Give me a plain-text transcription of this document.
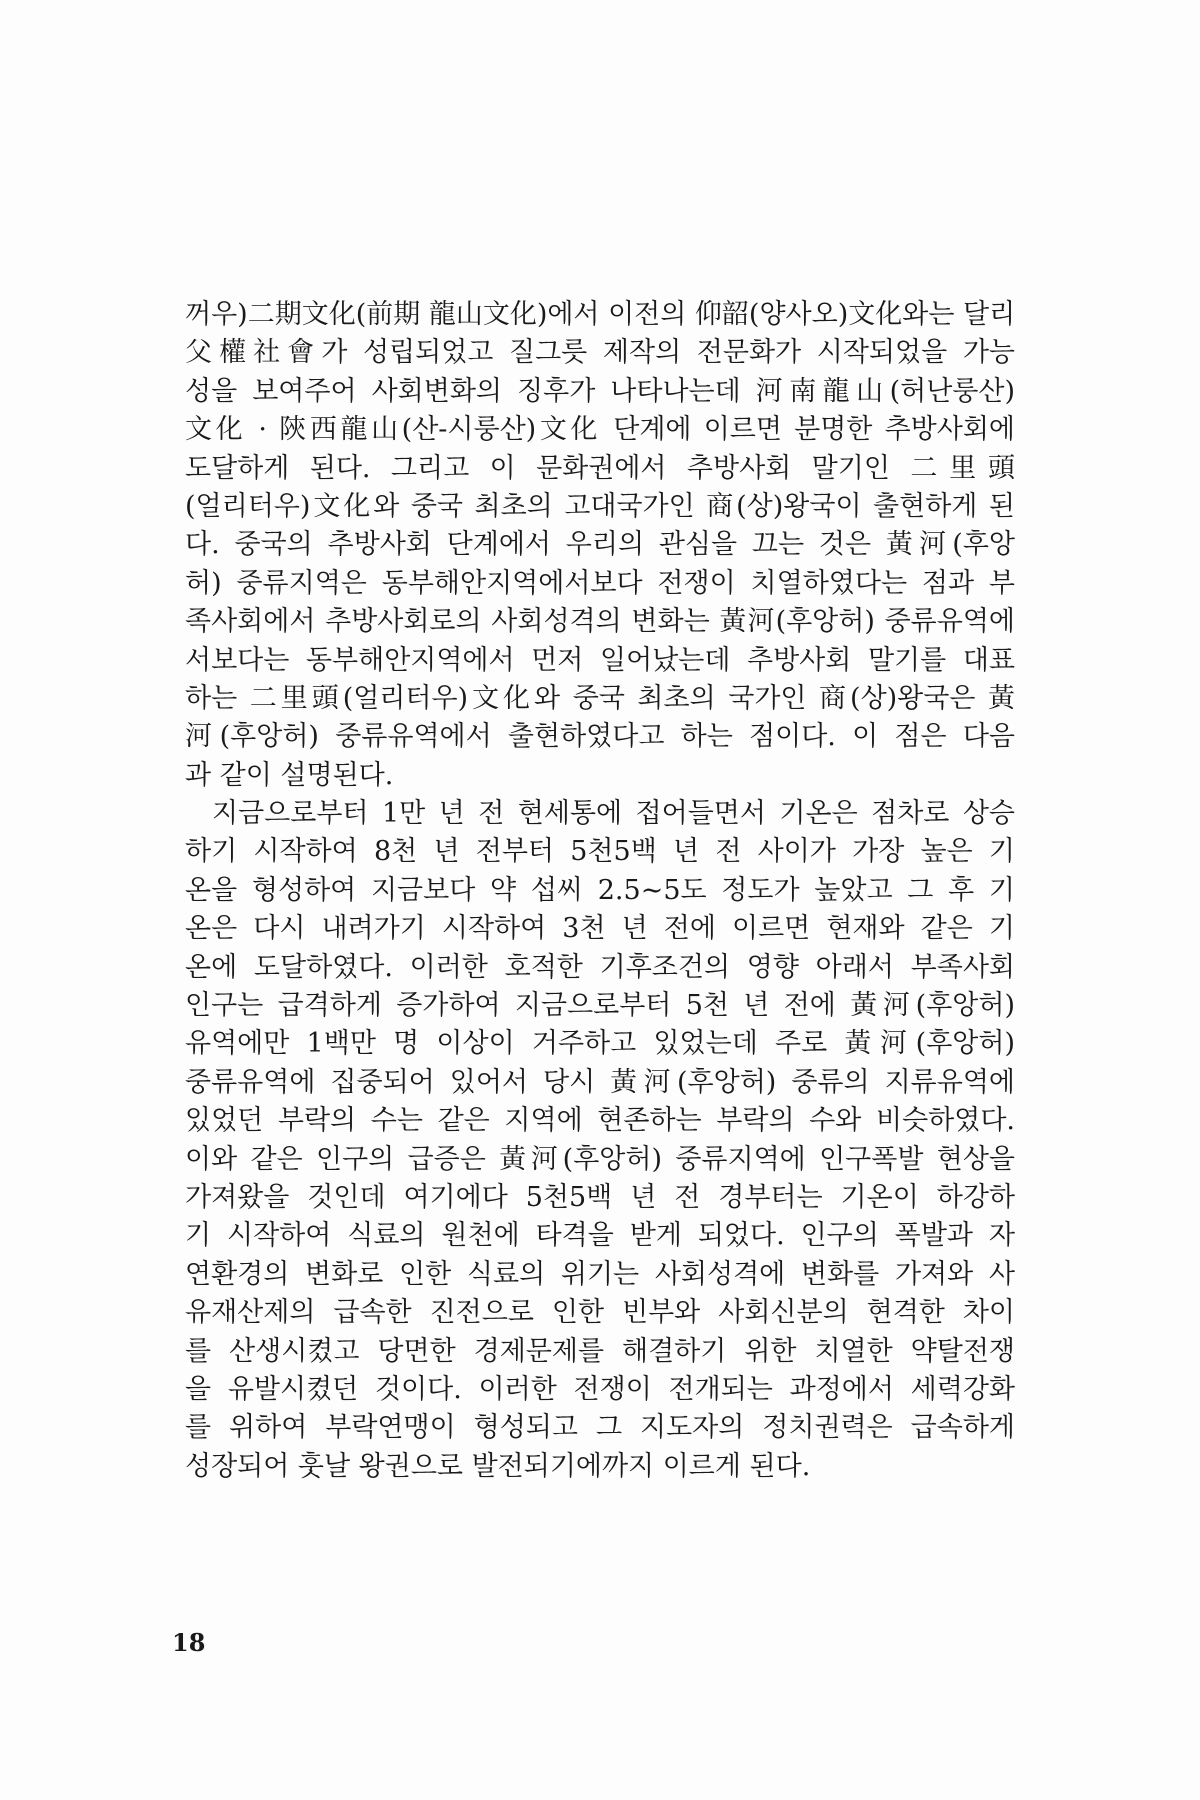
꺼우)二期文化(前期 龍山文化)에서 이전의 仰韶(양사오)文化와는 달리
父權社會가 성립되었고 질그릇 제작의 전문화가 시작되었을 가능
성을 보여주어 사회변화의 징후가 나타나는데 河南龍山(허난룽산)
文化 · 陝西龍山(산-시룽산)文化 단계에 이르면 분명한 추방사회에
도달하게 된다. 그리고 이 문화권에서 추방사회 말기인 二里頭
(얼리터우)文化와 중국 최초의 고대국가인 商(상)왕국이 출현하게 된
다. 중국의 추방사회 단계에서 우리의 관심을 끄는 것은 黃河(후앙
허) 중류지역은 동부해안지역에서보다 전쟁이 치열하였다는 점과 부
족사회에서 추방사회로의 사회성격의 변화는 黃河(후앙허) 중류유역에
서보다는 동부해안지역에서 먼저 일어났는데 추방사회 말기를 대표
하는 二里頭(얼리터우)文化와 중국 최초의 국가인 商(상)왕국은 黃
河(후앙허) 중류유역에서 출현하였다고 하는 점이다. 이 점은 다음
과 같이 설명된다.
지금으로부터 1만 년 전 현세통에 접어들면서 기온은 점차로 상승
하기 시작하여 8천 년 전부터 5천5백 년 전 사이가 가장 높은 기
온을 형성하여 지금보다 약 섭씨 2.5∼5도 정도가 높았고 그 후 기
온은 다시 내려가기 시작하여 3천 년 전에 이르면 현재와 같은 기
온에 도달하였다. 이러한 호적한 기후조건의 영향 아래서 부족사회
인구는 급격하게 증가하여 지금으로부터 5천 년 전에 黃河(후앙허)
유역에만 1백만 명 이상이 거주하고 있었는데 주로 黃河(후앙허)
중류유역에 집중되어 있어서 당시 黃河(후앙허) 중류의 지류유역에
있었던 부락의 수는 같은 지역에 현존하는 부락의 수와 비슷하였다.
이와 같은 인구의 급증은 黃河(후앙허) 중류지역에 인구폭발 현상을
가져왔을 것인데 여기에다 5천5백 년 전 경부터는 기온이 하강하
기 시작하여 식료의 원천에 타격을 받게 되었다. 인구의 폭발과 자
연환경의 변화로 인한 식료의 위기는 사회성격에 변화를 가져와 사
유재산제의 급속한 진전으로 인한 빈부와 사회신분의 현격한 차이
를 산생시켰고 당면한 경제문제를 해결하기 위한 치열한 약탈전쟁
을 유발시켰던 것이다. 이러한 전쟁이 전개되는 과정에서 세력강화
를 위하여 부락연맹이 형성되고 그 지도자의 정치권력은 급속하게
성장되어 훗날 왕권으로 발전되기에까지 이르게 된다.
18
